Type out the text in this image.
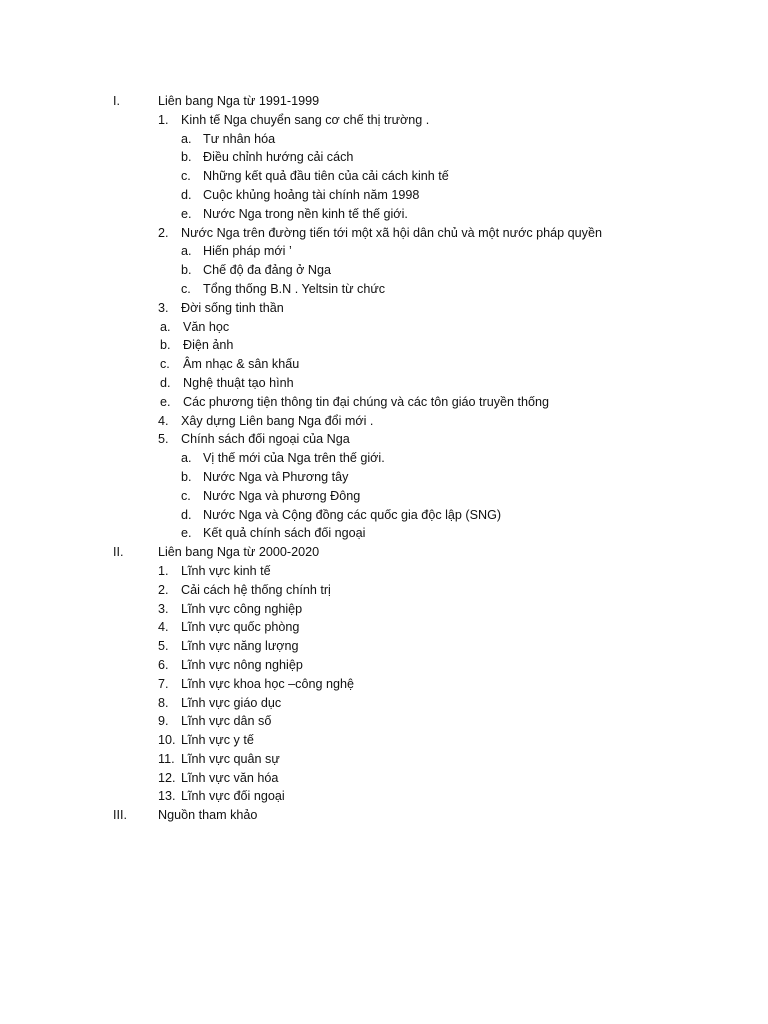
I.	Liên bang Nga từ 1991-1999
1. Kinh tế Nga chuyển sang cơ chế thị trường .
a. Tư nhân hóa
b. Điều chỉnh hướng cải cách
c. Những kết quả đầu tiên của cải cách kinh tế
d. Cuộc khủng hoảng tài chính năm 1998
e. Nước Nga trong nền kinh tế thế giới.
2. Nước Nga trên đường tiến tới một xã hội dân chủ và một nước pháp quyền
a. Hiến pháp mới ’
b. Chế độ đa đảng ở Nga
c. Tổng thống B.N . Yeltsin từ chức
3. Đời sống tinh thần
a. Văn học
b. Điện ảnh
c. Âm nhạc & sân khấu
d. Nghệ thuật tạo hình
e. Các phương tiện thông tin đại chúng và các tôn giáo truyền thống
4. Xây dựng Liên bang Nga đổi mới .
5. Chính sách đối ngoại của Nga
a. Vị thế mới của Nga trên thế giới.
b. Nước Nga và Phương tây
c. Nước Nga và phương Đông
d. Nước Nga và Cộng đồng các quốc gia độc lập (SNG)
e. Kết quả chính sách đối ngoại
II.	Liên bang Nga từ 2000-2020
1. Lĩnh vực kinh tế
2. Cải cách hệ thống chính trị
3. Lĩnh vực công nghiệp
4. Lĩnh vực quốc phòng
5. Lĩnh vực năng lượng
6. Lĩnh vực nông nghiệp
7. Lĩnh vực khoa học –công nghệ
8. Lĩnh vực giáo dục
9. Lĩnh vực dân số
10. Lĩnh vực y tế
11. Lĩnh vực quân sự
12. Lĩnh vực văn hóa
13. Lĩnh vực đối ngoại
III. Nguồn tham khảo
